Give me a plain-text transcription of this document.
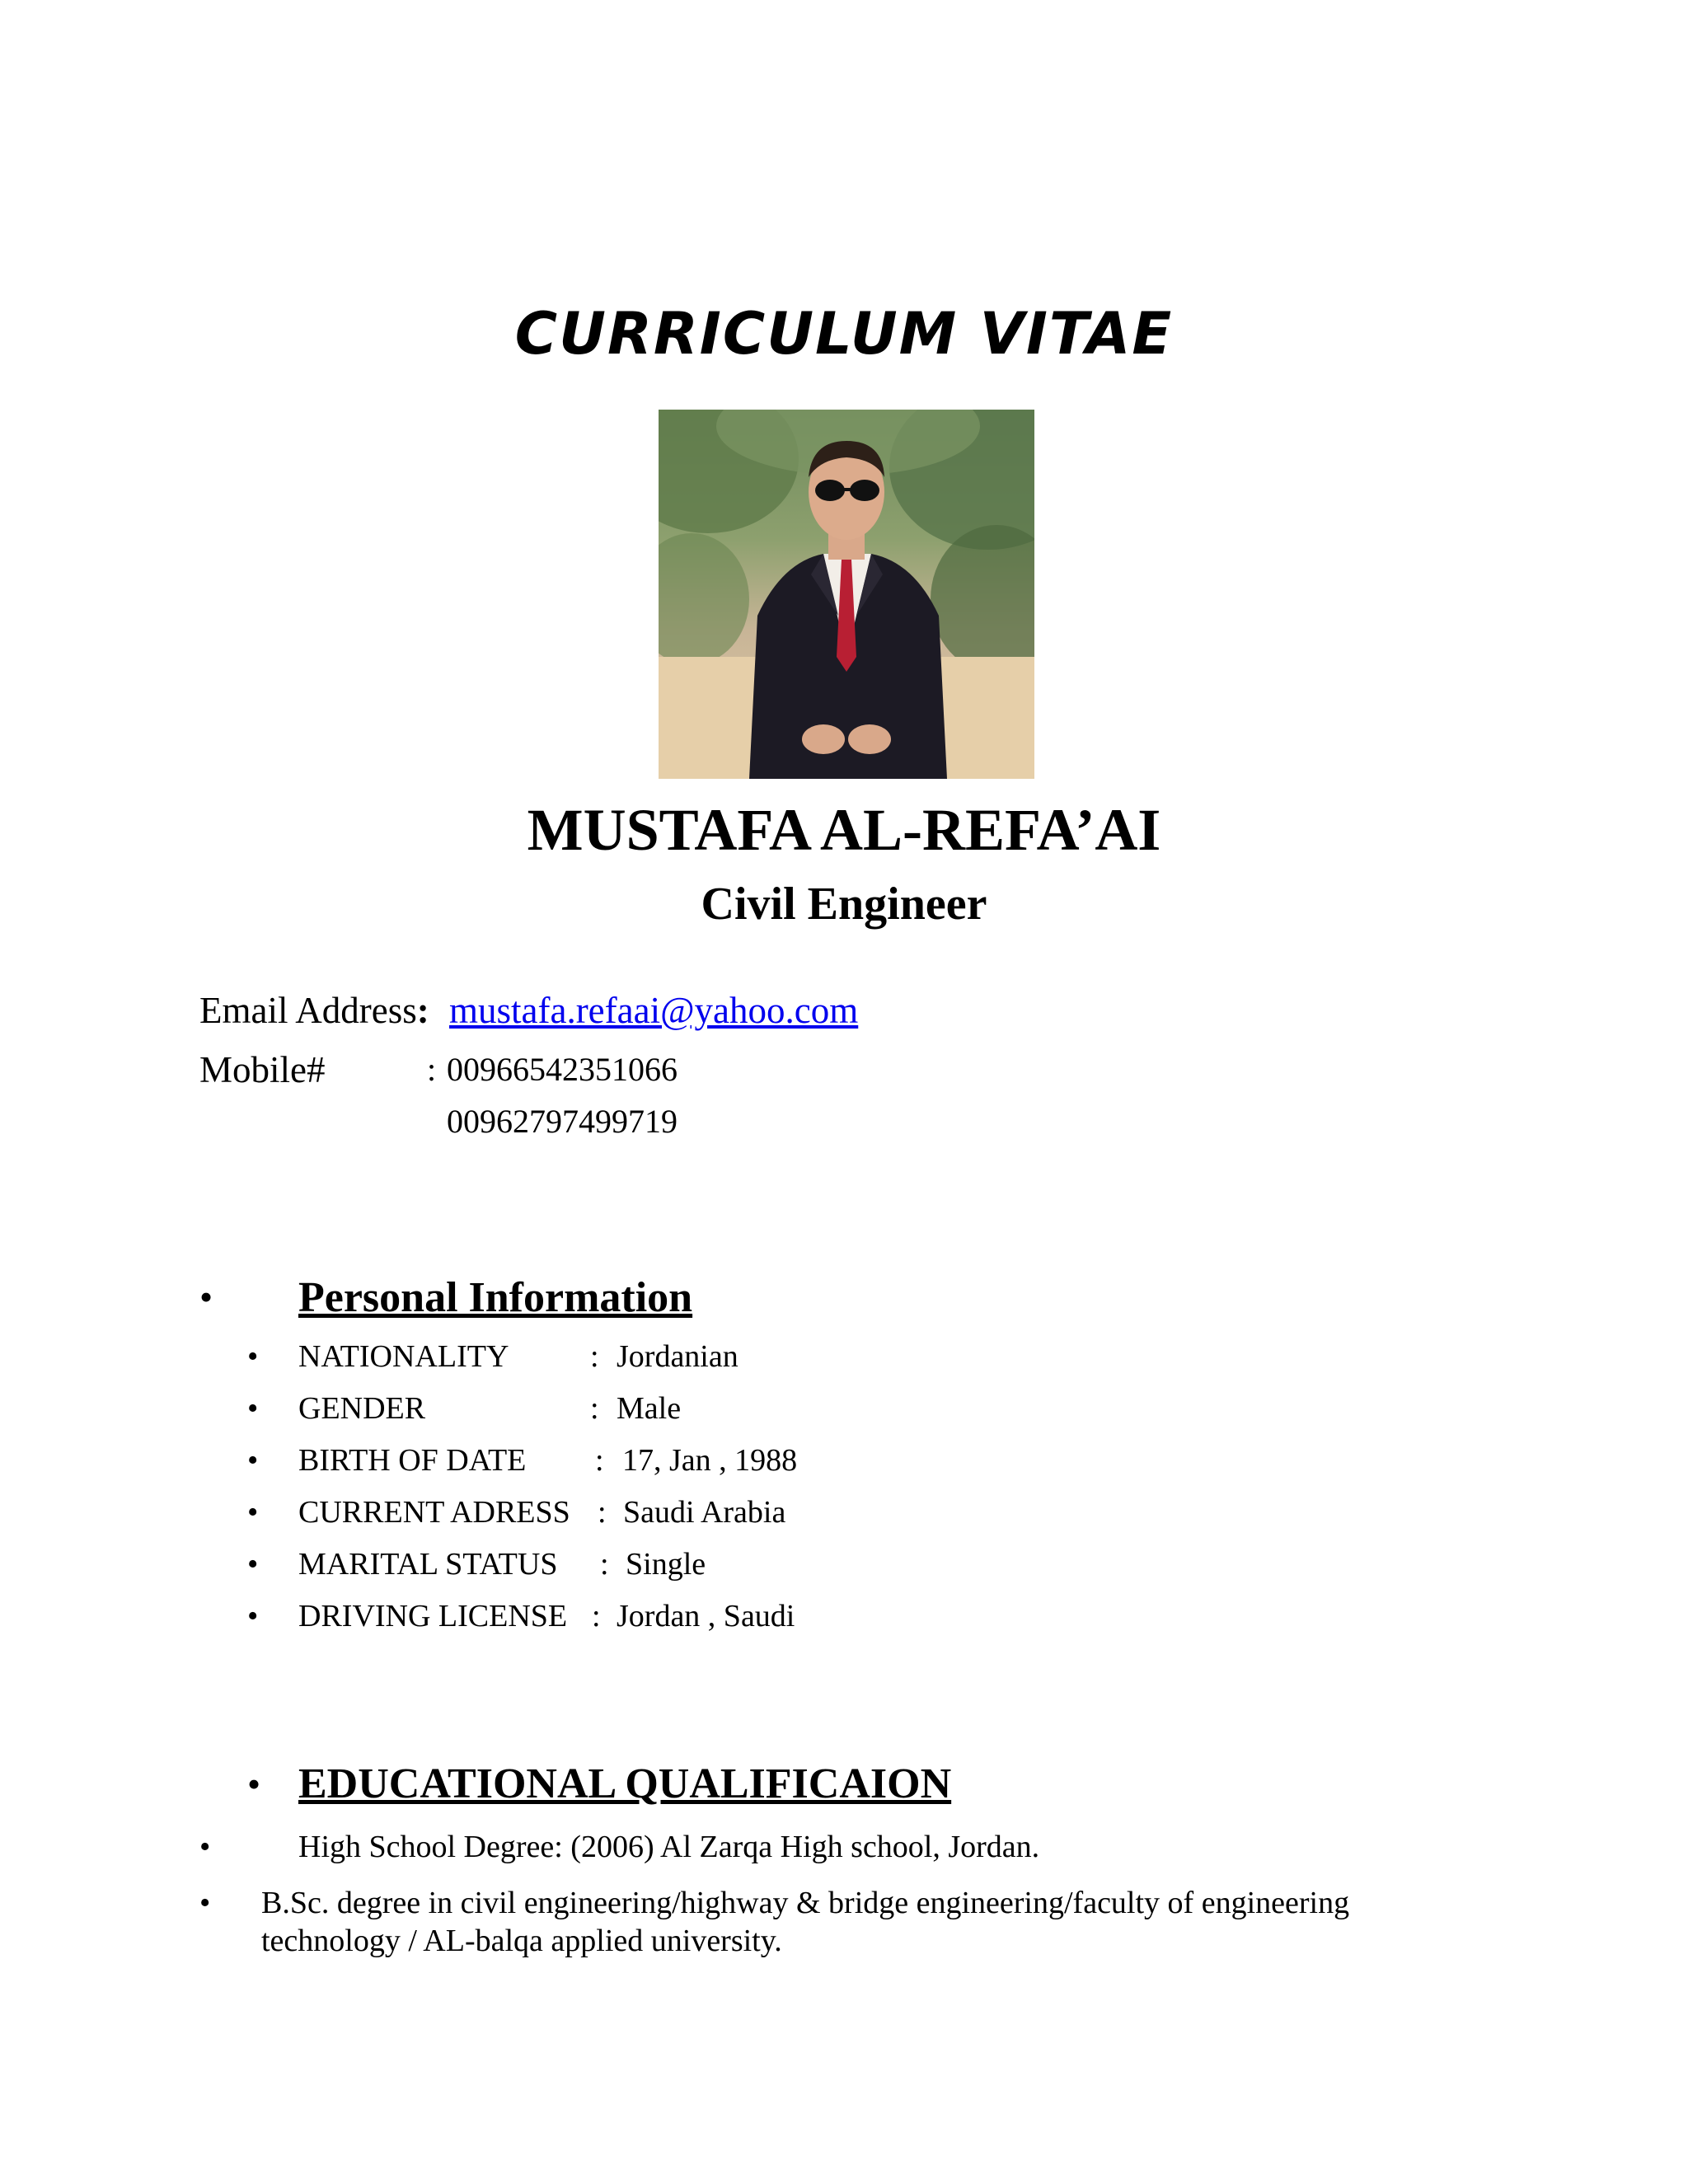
CURRICULUM VITAE
MUSTAFA AL-REFA’AI
Civil Engineer
Email Address: mustafa.refaai@yahoo.com
Mobile#	: 00966542351066
00962797499719
• Personal Information
• NATIONALITY	: Jordanian
• GENDER	: Male
• BIRTH OF DATE : 17, Jan , 1988
• CURRENT ADRESS : Saudi Arabia
• MARITAL STATUS : Single
• DRIVING LICENSE : Jordan , Saudi
• EDUCATIONAL QUALIFICAION
•	High School Degree: (2006) Al Zarqa High school, Jordan.
• B.Sc. degree in civil engineering/highway & bridge engineering/faculty of engineering
technology / AL-balqa applied university.
